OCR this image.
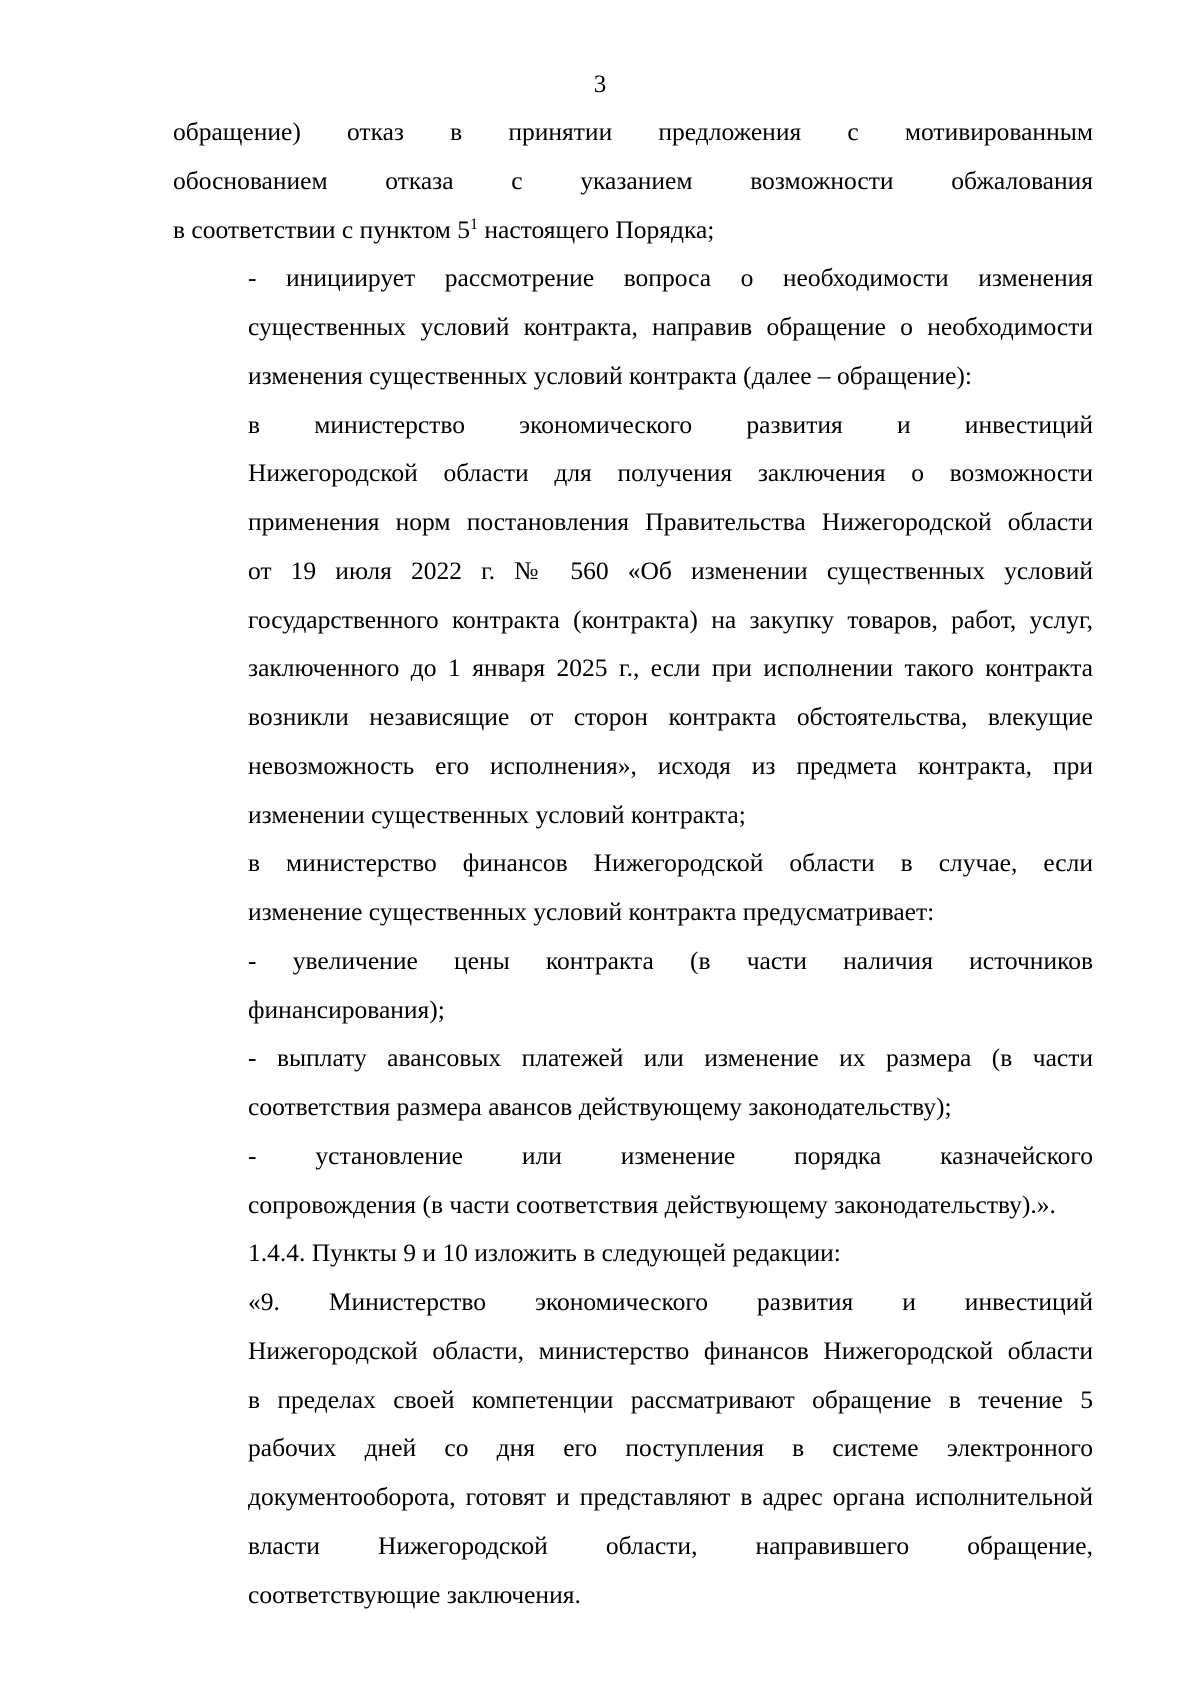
3

обращение) отказ в принятии предложения с мотивированным
обоснованием отказа с указанием возможности обжалования
в соответствии с пунктом $5^1$ настоящего Порядка;

- инициирует рассмотрение вопроса о необходимости изменения
существенных условий контракта, направив обращение о необходимости
изменения существенных условий контракта (далее – обращение):

в министерство экономического развития и инвестиций
Нижегородской области для получения заключения о возможности
применения норм постановления Правительства Нижегородской области
от 19 июля 2022 г. № 560 «Об изменении существенных условий
государственного контракта (контракта) на закупку товаров, работ, услуг,
заключенного до 1 января 2025 г., если при исполнении такого контракта
возникли независящие от сторон контракта обстоятельства, влекущие
невозможность его исполнения», исходя из предмета контракта, при
изменении существенных условий контракта;

в министерство финансов Нижегородской области в случае, если
изменение существенных условий контракта предусматривает:

- увеличение цены контракта (в части наличия источников
финансирования);

- выплату авансовых платежей или изменение их размера (в части
соответствия размера авансов действующему законодательству);

- установление или изменение порядка казначейского
сопровождения (в части соответствия действующему законодательству).».

1.4.4. Пункты 9 и 10 изложить в следующей редакции:

«9. Министерство экономического развития и инвестиций
Нижегородской области, министерство финансов Нижегородской области
в пределах своей компетенции рассматривают обращение в течение 5
рабочих дней со дня его поступления в системе электронного
документооборота, готовят и представляют в адрес органа исполнительной
власти Нижегородской области, направившего обращение,
соответствующие заключения.
